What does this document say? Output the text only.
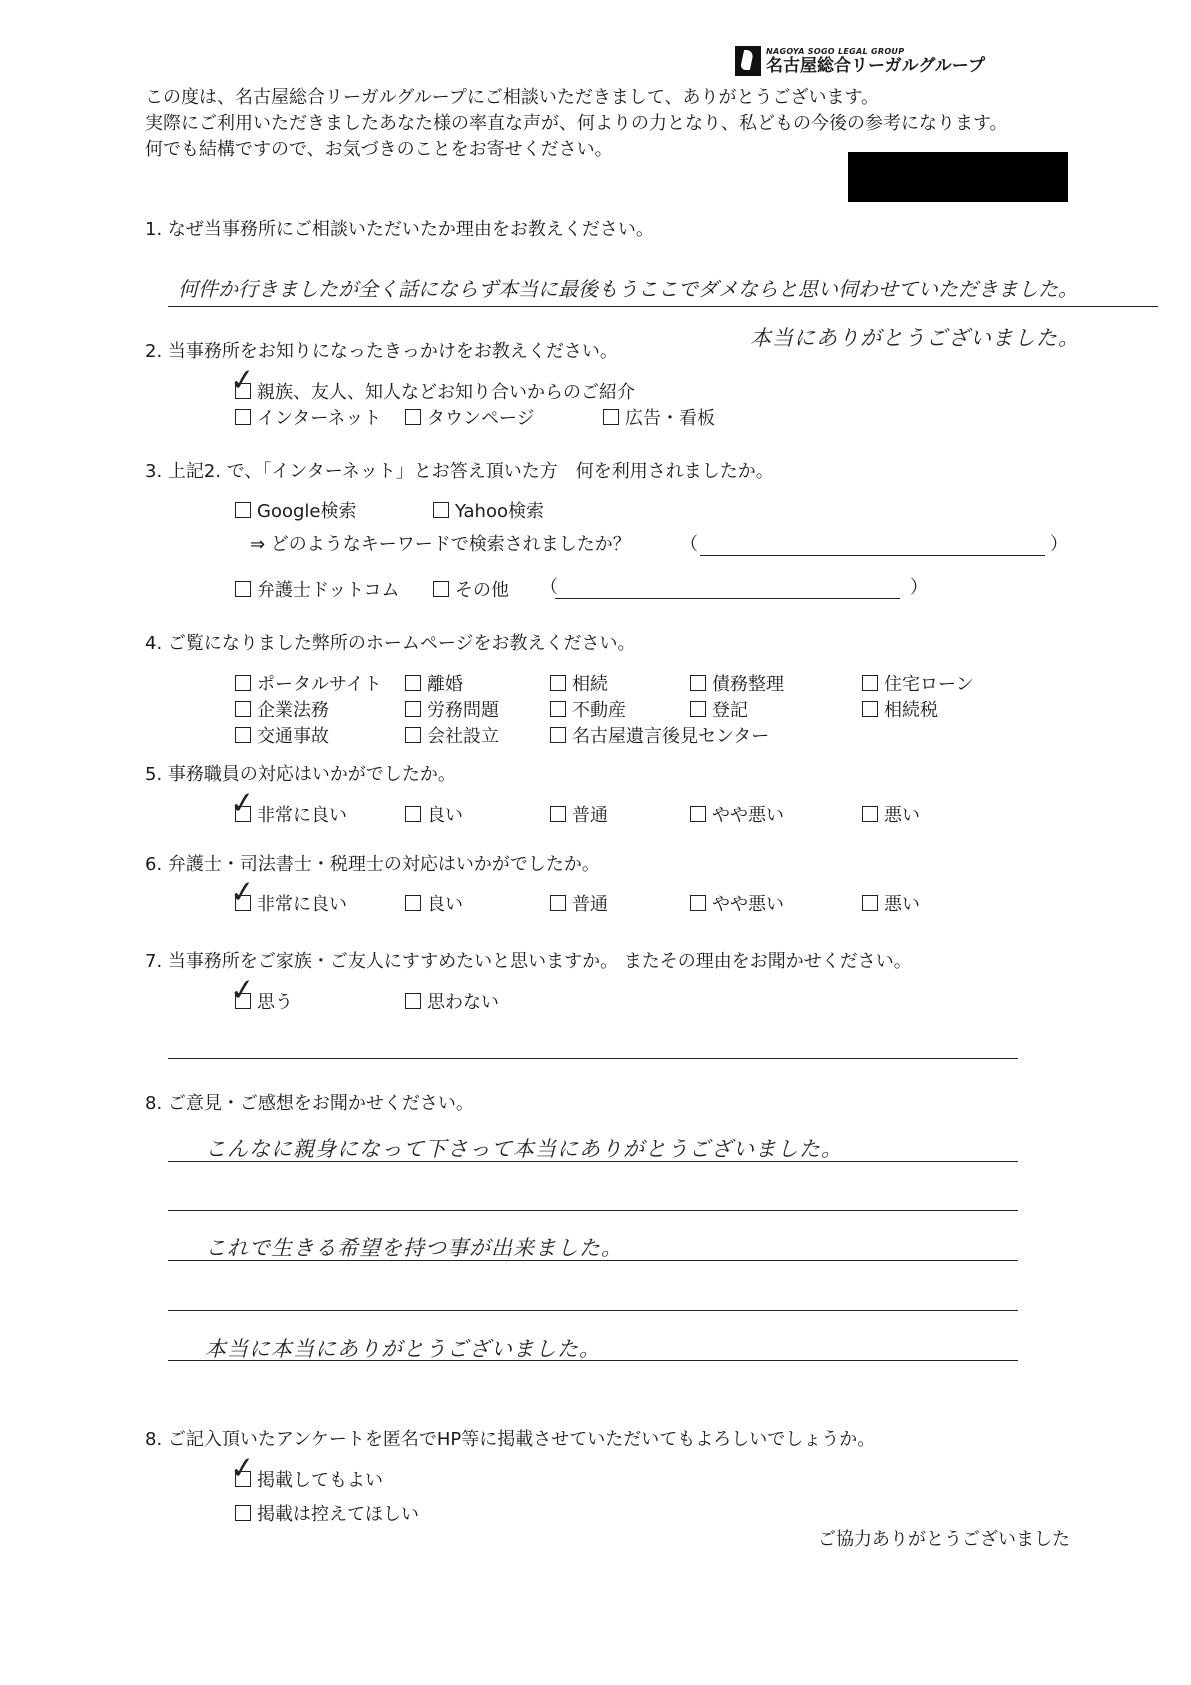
NAGOYA SOGO LEGAL GROUP
名古屋総合リーガルグループ
この度は、名古屋総合リーガルグループにご相談いただきまして、ありがとうございます。
実際にご利用いただきましたあなた様の率直な声が、何よりの力となり、私どもの今後の参考になります。
何でも結構ですので、お気づきのことをお寄せください。
1. なぜ当事務所にご相談いただいたか理由をお教えください。
何件か行きましたが全く話にならず本当に最後もうここでダメならと思い伺わせていただきました。
本当にありがとうございました。
2. 当事務所をお知りになったきっかけをお教えください。
✓ 親族、友人、知人などお知り合いからのご紹介
インターネット	タウンページ	広告・看板
3. 上記2. で、「インターネット」とお答え頂いた方　何を利用されましたか。
Google検索	Yahoo検索
⇒ どのようなキーワードで検索されましたか？	（	）
弁護士ドットコム	その他 （	）
4. ご覧になりました弊所のホームページをお教えください。
ポータルサイト	離婚	相続	債務整理	住宅ローン
企業法務	労務問題	不動産	登記	相続税
交通事故	会社設立	名古屋遺言後見センター
5. 事務職員の対応はいかがでしたか。
✓ 非常に良い	良い	普通	やや悪い	悪い
6. 弁護士・司法書士・税理士の対応はいかがでしたか。
✓ 非常に良い	良い	普通	やや悪い	悪い
7. 当事務所をご家族・ご友人にすすめたいと思いますか。 またその理由をお聞かせください。
✓ 思う	思わない
8. ご意見・ご感想をお聞かせください。
こんなに親身になって下さって本当にありがとうございました。
これで生きる希望を持つ事が出来ました。
本当に本当にありがとうございました。
8. ご記入頂いたアンケートを匿名でHP等に掲載させていただいてもよろしいでしょうか。
✓ 掲載してもよい
掲載は控えてほしい
ご協力ありがとうございました
